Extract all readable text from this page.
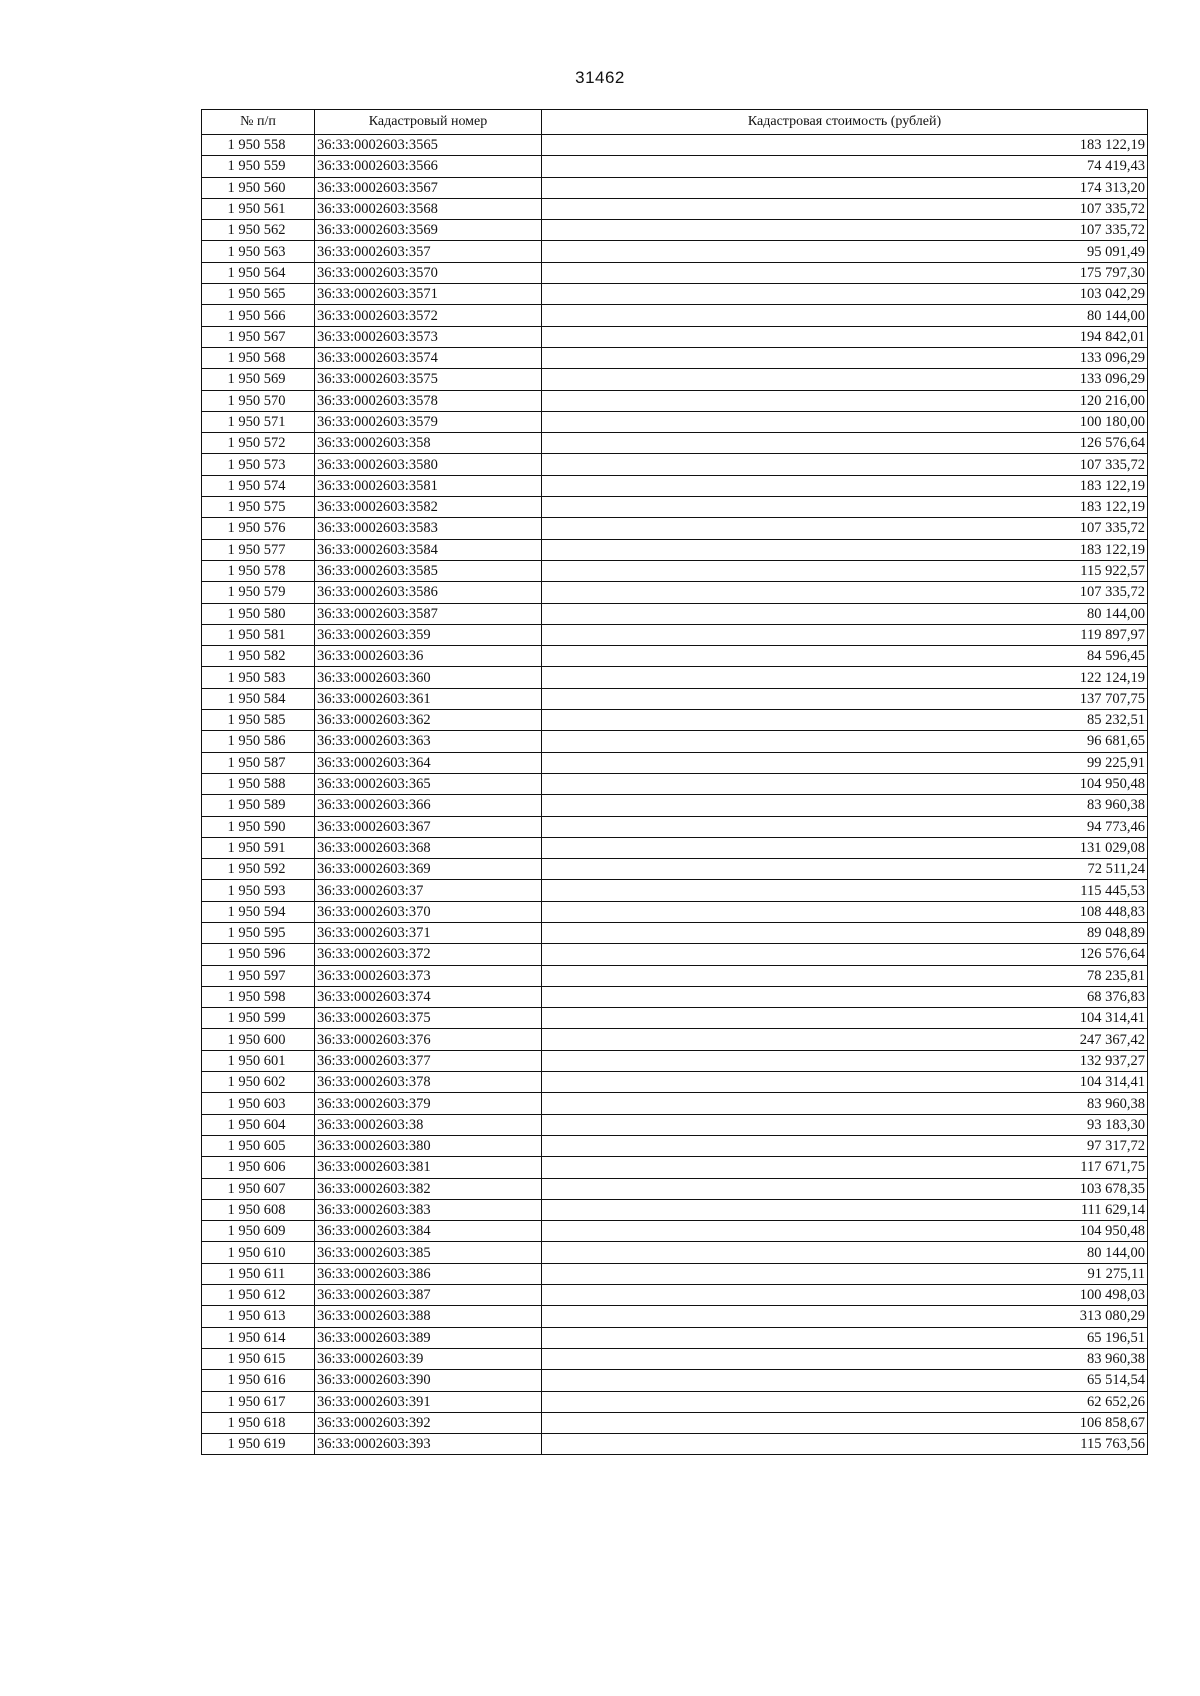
31462
№ п/п	Кадастровый номер	Кадастровая стоимость (рублей)
1 950 558	36:33:0002603:3565	183 122,19
1 950 559	36:33:0002603:3566	74 419,43
1 950 560	36:33:0002603:3567	174 313,20
1 950 561	36:33:0002603:3568	107 335,72
1 950 562	36:33:0002603:3569	107 335,72
1 950 563	36:33:0002603:357	95 091,49
1 950 564	36:33:0002603:3570	175 797,30
1 950 565	36:33:0002603:3571	103 042,29
1 950 566	36:33:0002603:3572	80 144,00
1 950 567	36:33:0002603:3573	194 842,01
1 950 568	36:33:0002603:3574	133 096,29
1 950 569	36:33:0002603:3575	133 096,29
1 950 570	36:33:0002603:3578	120 216,00
1 950 571	36:33:0002603:3579	100 180,00
1 950 572	36:33:0002603:358	126 576,64
1 950 573	36:33:0002603:3580	107 335,72
1 950 574	36:33:0002603:3581	183 122,19
1 950 575	36:33:0002603:3582	183 122,19
1 950 576	36:33:0002603:3583	107 335,72
1 950 577	36:33:0002603:3584	183 122,19
1 950 578	36:33:0002603:3585	115 922,57
1 950 579	36:33:0002603:3586	107 335,72
1 950 580	36:33:0002603:3587	80 144,00
1 950 581	36:33:0002603:359	119 897,97
1 950 582	36:33:0002603:36	84 596,45
1 950 583	36:33:0002603:360	122 124,19
1 950 584	36:33:0002603:361	137 707,75
1 950 585	36:33:0002603:362	85 232,51
1 950 586	36:33:0002603:363	96 681,65
1 950 587	36:33:0002603:364	99 225,91
1 950 588	36:33:0002603:365	104 950,48
1 950 589	36:33:0002603:366	83 960,38
1 950 590	36:33:0002603:367	94 773,46
1 950 591	36:33:0002603:368	131 029,08
1 950 592	36:33:0002603:369	72 511,24
1 950 593	36:33:0002603:37	115 445,53
1 950 594	36:33:0002603:370	108 448,83
1 950 595	36:33:0002603:371	89 048,89
1 950 596	36:33:0002603:372	126 576,64
1 950 597	36:33:0002603:373	78 235,81
1 950 598	36:33:0002603:374	68 376,83
1 950 599	36:33:0002603:375	104 314,41
1 950 600	36:33:0002603:376	247 367,42
1 950 601	36:33:0002603:377	132 937,27
1 950 602	36:33:0002603:378	104 314,41
1 950 603	36:33:0002603:379	83 960,38
1 950 604	36:33:0002603:38	93 183,30
1 950 605	36:33:0002603:380	97 317,72
1 950 606	36:33:0002603:381	117 671,75
1 950 607	36:33:0002603:382	103 678,35
1 950 608	36:33:0002603:383	111 629,14
1 950 609	36:33:0002603:384	104 950,48
1 950 610	36:33:0002603:385	80 144,00
1 950 611	36:33:0002603:386	91 275,11
1 950 612	36:33:0002603:387	100 498,03
1 950 613	36:33:0002603:388	313 080,29
1 950 614	36:33:0002603:389	65 196,51
1 950 615	36:33:0002603:39	83 960,38
1 950 616	36:33:0002603:390	65 514,54
1 950 617	36:33:0002603:391	62 652,26
1 950 618	36:33:0002603:392	106 858,67
1 950 619	36:33:0002603:393	115 763,56
